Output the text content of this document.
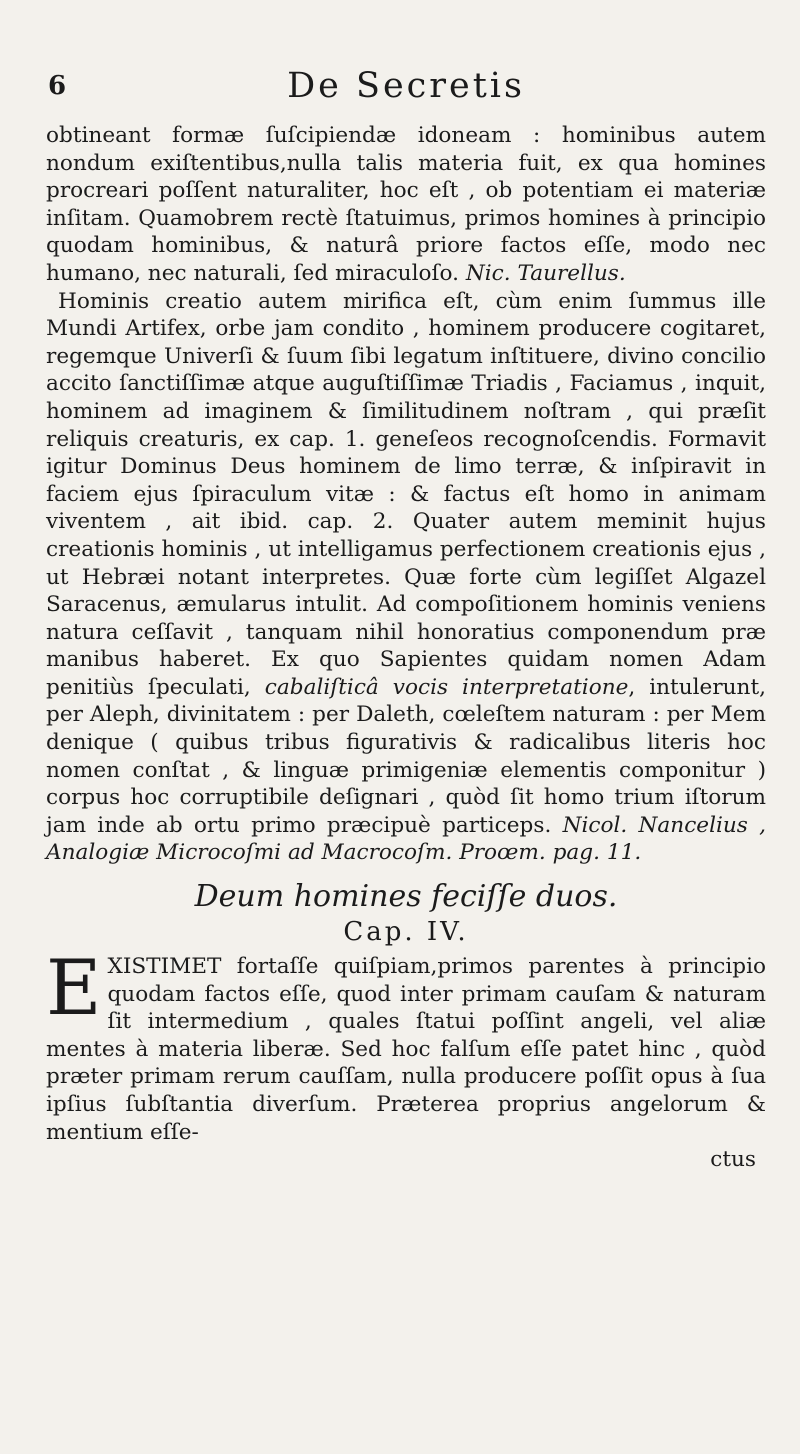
6	De Secretis

obtineant formæ ſuſcipiendæ idoneam : hominibus autem nondum exiſtentibus,nulla talis materia fuit, ex qua homines procreari poſſent naturaliter, hoc eſt , ob potentiam ei materiæ inſitam. Quamobrem rectè ſtatuimus, primos homines à principio quodam hominibus, & naturâ priore factos eſſe, modo nec humano, nec naturali, ſed miraculoſo. Nic. Taurellus.

Hominis creatio autem mirifica eſt, cùm enim ſummus ille Mundi Artifex, orbe jam condito , hominem producere cogitaret, regemque Univerſi & ſuum ſibi legatum inſtituere, divino concilio accito ſanctiſſimæ atque auguſtiſſimæ Triadis , Faciamus , inquit, hominem ad imaginem & ſimilitudinem noſtram , qui præſit reliquis creaturis, ex cap. 1. geneſeos recognoſcendis. Formavit igitur Dominus Deus hominem de limo terræ, & inſpiravit in faciem ejus ſpiraculum vitæ : & factus eſt homo in animam viventem , ait ibid. cap. 2. Quater autem meminit hujus creationis hominis , ut intelligamus perfectionem creationis ejus , ut Hebræi notant interpretes. Quæ forte cùm legiſſet Algazel Saracenus, æmularus intulit. Ad compoſitionem hominis veniens natura ceſſavit , tanquam nihil honoratius componendum præ manibus haberet. Ex quo Sapientes quidam nomen Adam penitiùs ſpeculati, cabaliſticâ vocis interpretatione, intulerunt, per Aleph, divinitatem : per Daleth, cœleſtem naturam : per Mem denique ( quibus tribus figurativis & radicalibus literis hoc nomen conſtat , & linguæ primigeniæ elementis componitur ) corpus hoc corruptibile deſignari , quòd ſit homo trium iſtorum jam inde ab ortu primo præcipuè particeps. Nicol. Nancelius , Analogiæ Microcoſmi ad Macrocoſm. Proœm. pag. 11.

Deum homines feciſſe duos.
Cap. IV.

EXISTIMET fortaſſe quiſpiam,primos parentes à principio quodam factos eſſe, quod inter primam cauſam & naturam ſit intermedium , quales ſtatui poſſint angeli, vel aliæ mentes à materia liberæ. Sed hoc falſum eſſe patet hinc , quòd præter primam rerum cauſſam, nulla producere poſſit opus à ſua ipſius ſubſtantia diverſum. Præterea proprius angelorum & mentium eſſe-

ctus
